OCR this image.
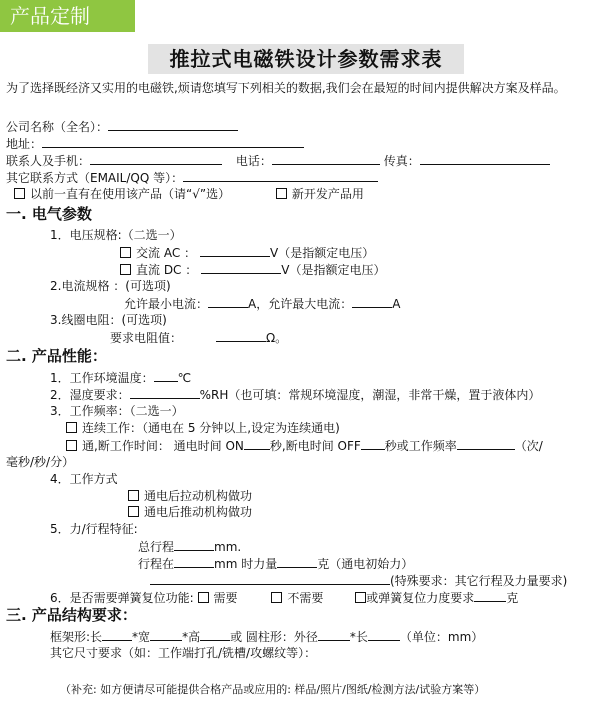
产品定制
推拉式电磁铁设计参数需求表
为了选择既经济又实用的电磁铁,烦请您填写下列相关的数据,我们会在最短的时间内提供解决方案及样品。
公司名称（全名）：
地址：
联系人及手机：	电话：	传真：
其它联系方式（EMAIL/QQ 等）：
以前一直有在使用该产品（请“√”选）	新开发产品用
一. 电气参数
1．电压规格:（二选一）
交流 AC ：	V（是指额定电压）
直流 DC ：	V（是指额定电压）
2.电流规格 ：(可选项)
允许最小电流：	A，允许最大电流：	A
3.线圈电阻：(可选项)
要求电阻值：	Ω。
二. 产品性能：
1．工作环境温度： ℃
2．湿度要求：	%RH（也可填：常规环境湿度，潮湿，非常干燥，置于液体内）
3．工作频率：（二选一）
连续工作：（通电在 5 分钟以上,设定为连续通电)
通,断工作时间： 通电时间 ON 秒,断电时间 OFF 秒或工作频率	（次/
毫秒/秒/分）
4．工作方式
通电后拉动机构做功
通电后推动机构做功
5．力/行程特征:
总行程	mm.
行程在	mm 时力量	克（通电初始力）
(特殊要求：其它行程及力量要求)
6．是否需要弹簧复位功能: 需要	不需要	或弹簧复位力度要求	克
三. 产品结构要求：
框架形:长	*宽	*高	或 圆柱形：外径	*长	（单位：mm）
其它尺寸要求（如：工作端打孔/铣槽/攻螺纹等）：
（补充: 如方便请尽可能提供合格产品或应用的: 样品/照片/图纸/检测方法/试验方案等）
